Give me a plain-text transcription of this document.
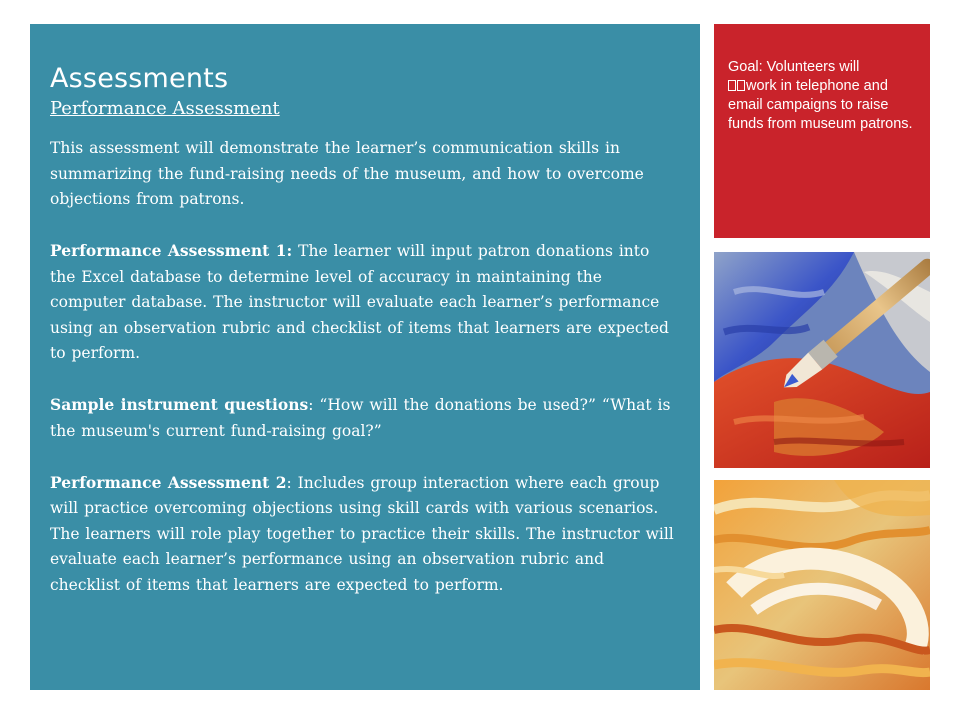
Assessments
Performance Assessment

This assessment will demonstrate the learner’s communication skills in summarizing the fund-raising needs of the museum, and how to overcome objections from patrons.

Performance Assessment 1: The learner will input patron donations into the Excel database to determine level of accuracy in maintaining the computer database. The instructor will evaluate each learner’s performance using an observation rubric and checklist of items that learners are expected to perform.

Sample instrument questions: “How will the donations be used?” “What is the museum's current fund-raising goal?”

Performance Assessment 2: Includes group interaction where each group will practice overcoming objections using skill cards with various scenarios. The learners will role play together to practice their skills. The instructor will evaluate each learner’s performance using an observation rubric and checklist of items that learners are expected to perform.

Goal: Volunteers will
work in telephone and email campaigns to raise funds from museum patrons.
